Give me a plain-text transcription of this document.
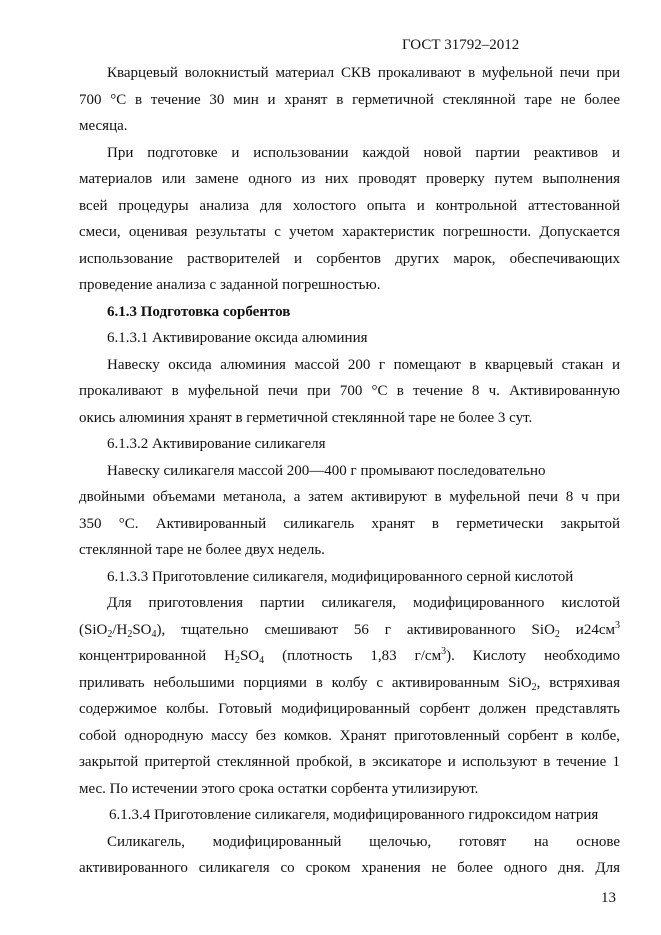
ГОСТ 31792–2012
Кварцевый волокнистый материал СКВ прокаливают в муфельной печи при
700 °С в течение 30 мин и хранят в герметичной стеклянной таре не более
месяца.
При подготовке и использовании каждой новой партии реактивов и
материалов или замене одного из них проводят проверку путем выполнения
всей процедуры анализа для холостого опыта и контрольной аттестованной
смеси, оценивая результаты с учетом характеристик погрешности. Допускается
использование растворителей и сорбентов других марок, обеспечивающих
проведение анализа с заданной погрешностью.
6.1.3 Подготовка сорбентов
6.1.3.1 Активирование оксида алюминия
Навеску оксида алюминия массой 200 г помещают в кварцевый стакан и
прокаливают в муфельной печи при 700 °С в течение 8 ч. Активированную
окись алюминия хранят в герметичной стеклянной таре не более 3 сут.
6.1.3.2 Активирование силикагеля
Навеску силикагеля массой 200—400 г промывают последовательно
двойными объемами метанола, а затем активируют в муфельной печи 8 ч при
350 °С. Активированный силикагель хранят в герметически закрытой
стеклянной таре не более двух недель.
6.1.3.3 Приготовление силикагеля, модифицированного серной кислотой
Для приготовления партии силикагеля, модифицированного кислотой
$(SiO_2/H_2SO_4)$, тщательно смешивают 56 г активированного SiO$_2$ $и24см^3$
концентрированной $H_2SO_4$ (плотность 1,83 $г/см^3$). Кислоту необходимо
приливать небольшими порциями в колбу с активированным SiO$_2$, встряхивая
содержимое колбы. Готовый модифицированный сорбент должен представлять
собой однородную массу без комков. Хранят приготовленный сорбент в колбе,
закрытой притертой стеклянной пробкой, в эксикаторе и используют в течение 1
мес. По истечении этого срока остатки сорбента утилизируют.
6.1.3.4 Приготовление силикагеля, модифицированного гидроксидом натрия
Силикагель, модифицированный щелочью, готовят на основе
активированного силикагеля со сроком хранения не более одного дня. Для
13
